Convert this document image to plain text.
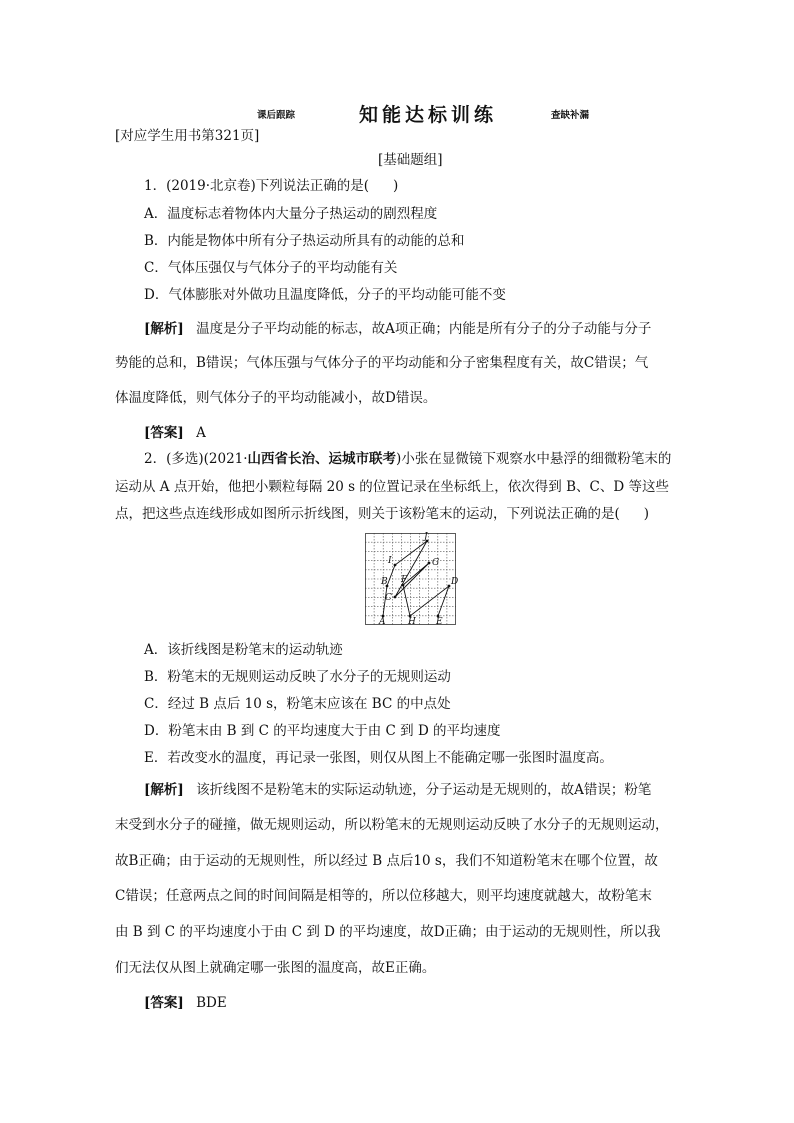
课后跟踪	知能达标训练	查缺补漏
[对应学生用书第321页]
[基础题组]
1．(2019·北京卷)下列说法正确的是( )
A．温度标志着物体内大量分子热运动的剧烈程度
B．内能是物体中所有分子热运动所具有的动能的总和
C．气体压强仅与气体分子的平均动能有关
D．气体膨胀对外做功且温度降低，分子的平均动能可能不变
[解析] 温度是分子平均动能的标志，故A项正确；内能是所有分子的分子动能与分子
势能的总和，B错误；气体压强与气体分子的平均动能和分子密集程度有关，故C错误；气
体温度降低，则气体分子的平均动能减小，故D错误。
[答案] A
2．(多选)(2021·山西省长治、运城市联考)小张在显微镜下观察水中悬浮的细微粉笔末的
运动从 A 点开始，他把小颗粒每隔 20 s 的位置记录在坐标纸上，依次得到 B、C、D 等这些
点，把这些点连线形成如图所示折线图，则关于该粉笔末的运动，下列说法正确的是( )
A
B
C
D
E
F
G
H
I
J
A．该折线图是粉笔末的运动轨迹
B．粉笔末的无规则运动反映了水分子的无规则运动
C．经过 B 点后 10 s，粉笔末应该在 BC 的中点处
D．粉笔末由 B 到 C 的平均速度大于由 C 到 D 的平均速度
E．若改变水的温度，再记录一张图，则仅从图上不能确定哪一张图时温度高。
[解析] 该折线图不是粉笔末的实际运动轨迹，分子运动是无规则的，故A错误；粉笔
末受到水分子的碰撞，做无规则运动，所以粉笔末的无规则运动反映了水分子的无规则运动，
故B正确；由于运动的无规则性，所以经过 B 点后10 s，我们不知道粉笔末在哪个位置，故
C错误；任意两点之间的时间间隔是相等的，所以位移越大，则平均速度就越大，故粉笔末
由 B 到 C 的平均速度小于由 C 到 D 的平均速度，故D正确；由于运动的无规则性，所以我
们无法仅从图上就确定哪一张图的温度高，故E正确。
[答案] BDE
